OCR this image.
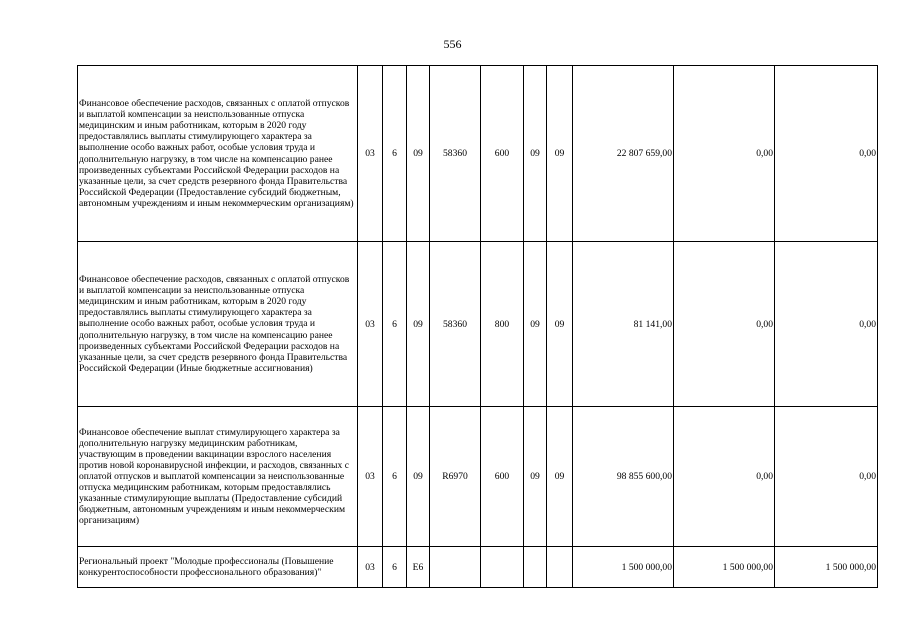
556
Финансовое обеспечение расходов, связанных с оплатой отпусков и выплатой компенсации за неиспользованные отпуска медицинским и иным работникам, которым в 2020 году предоставлялись выплаты стимулирующего характера за выполнение особо важных работ, особые условия труда и дополнительную нагрузку, в том числе на компенсацию ранее произведенных субъектами Российской Федерации расходов на указанные цели, за счет средств резервного фонда Правительства Российской Федерации (Предоставление субсидий бюджетным, автономным учреждениям и иным некоммерческим организациям)	03	6	09	58360	600	09	09	22 807 659,00	0,00	0,00
Финансовое обеспечение расходов, связанных с оплатой отпусков и выплатой компенсации за неиспользованные отпуска медицинским и иным работникам, которым в 2020 году предоставлялись выплаты стимулирующего характера за выполнение особо важных работ, особые условия труда и дополнительную нагрузку, в том числе на компенсацию ранее произведенных субъектами Российской Федерации расходов на указанные цели, за счет средств резервного фонда Правительства Российской Федерации (Иные бюджетные ассигнования)	03	6	09	58360	800	09	09	81 141,00	0,00	0,00
Финансовое обеспечение выплат стимулирующего характера за дополнительную нагрузку медицинским работникам, участвующим в проведении вакцинации взрослого населения против новой коронавирусной инфекции, и расходов, связанных с оплатой отпусков и выплатой компенсации за неиспользованные отпуска медицинским работникам, которым предоставлялись указанные стимулирующие выплаты (Предоставление субсидий бюджетным, автономным учреждениям и иным некоммерческим организациям)	03	6	09	R6970	600	09	09	98 855 600,00	0,00	0,00
Региональный проект "Молодые профессионалы (Повышение конкурентоспособности профессионального образования)"	03	6	E6					1 500 000,00	1 500 000,00	1 500 000,00
